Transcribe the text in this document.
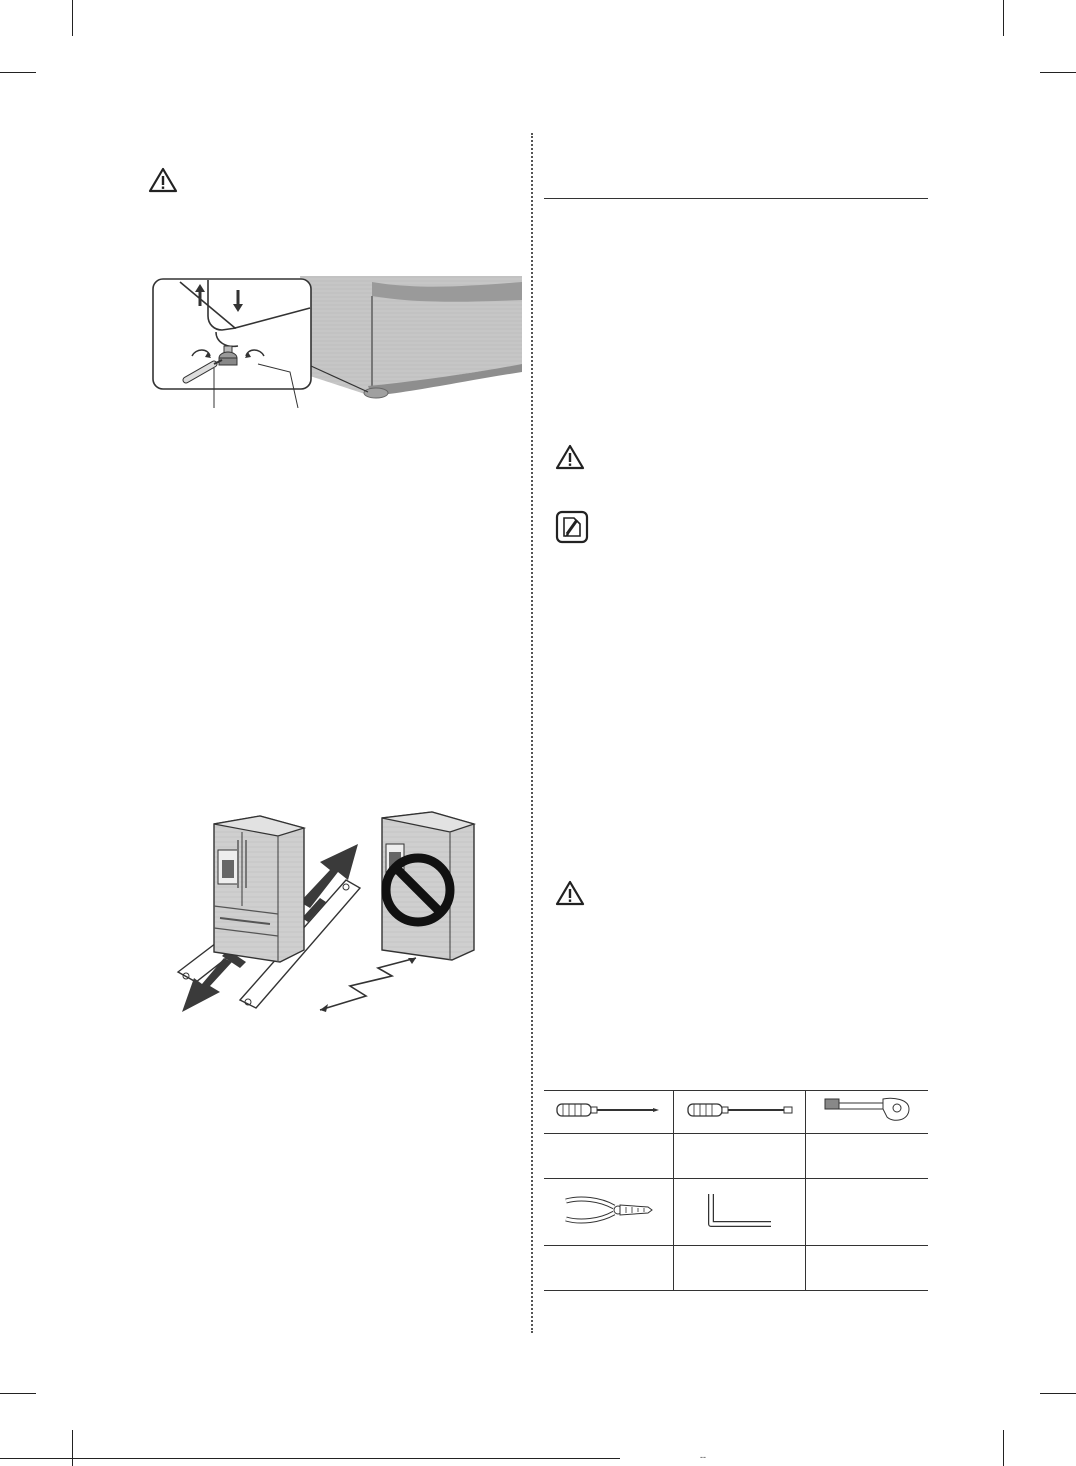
--
